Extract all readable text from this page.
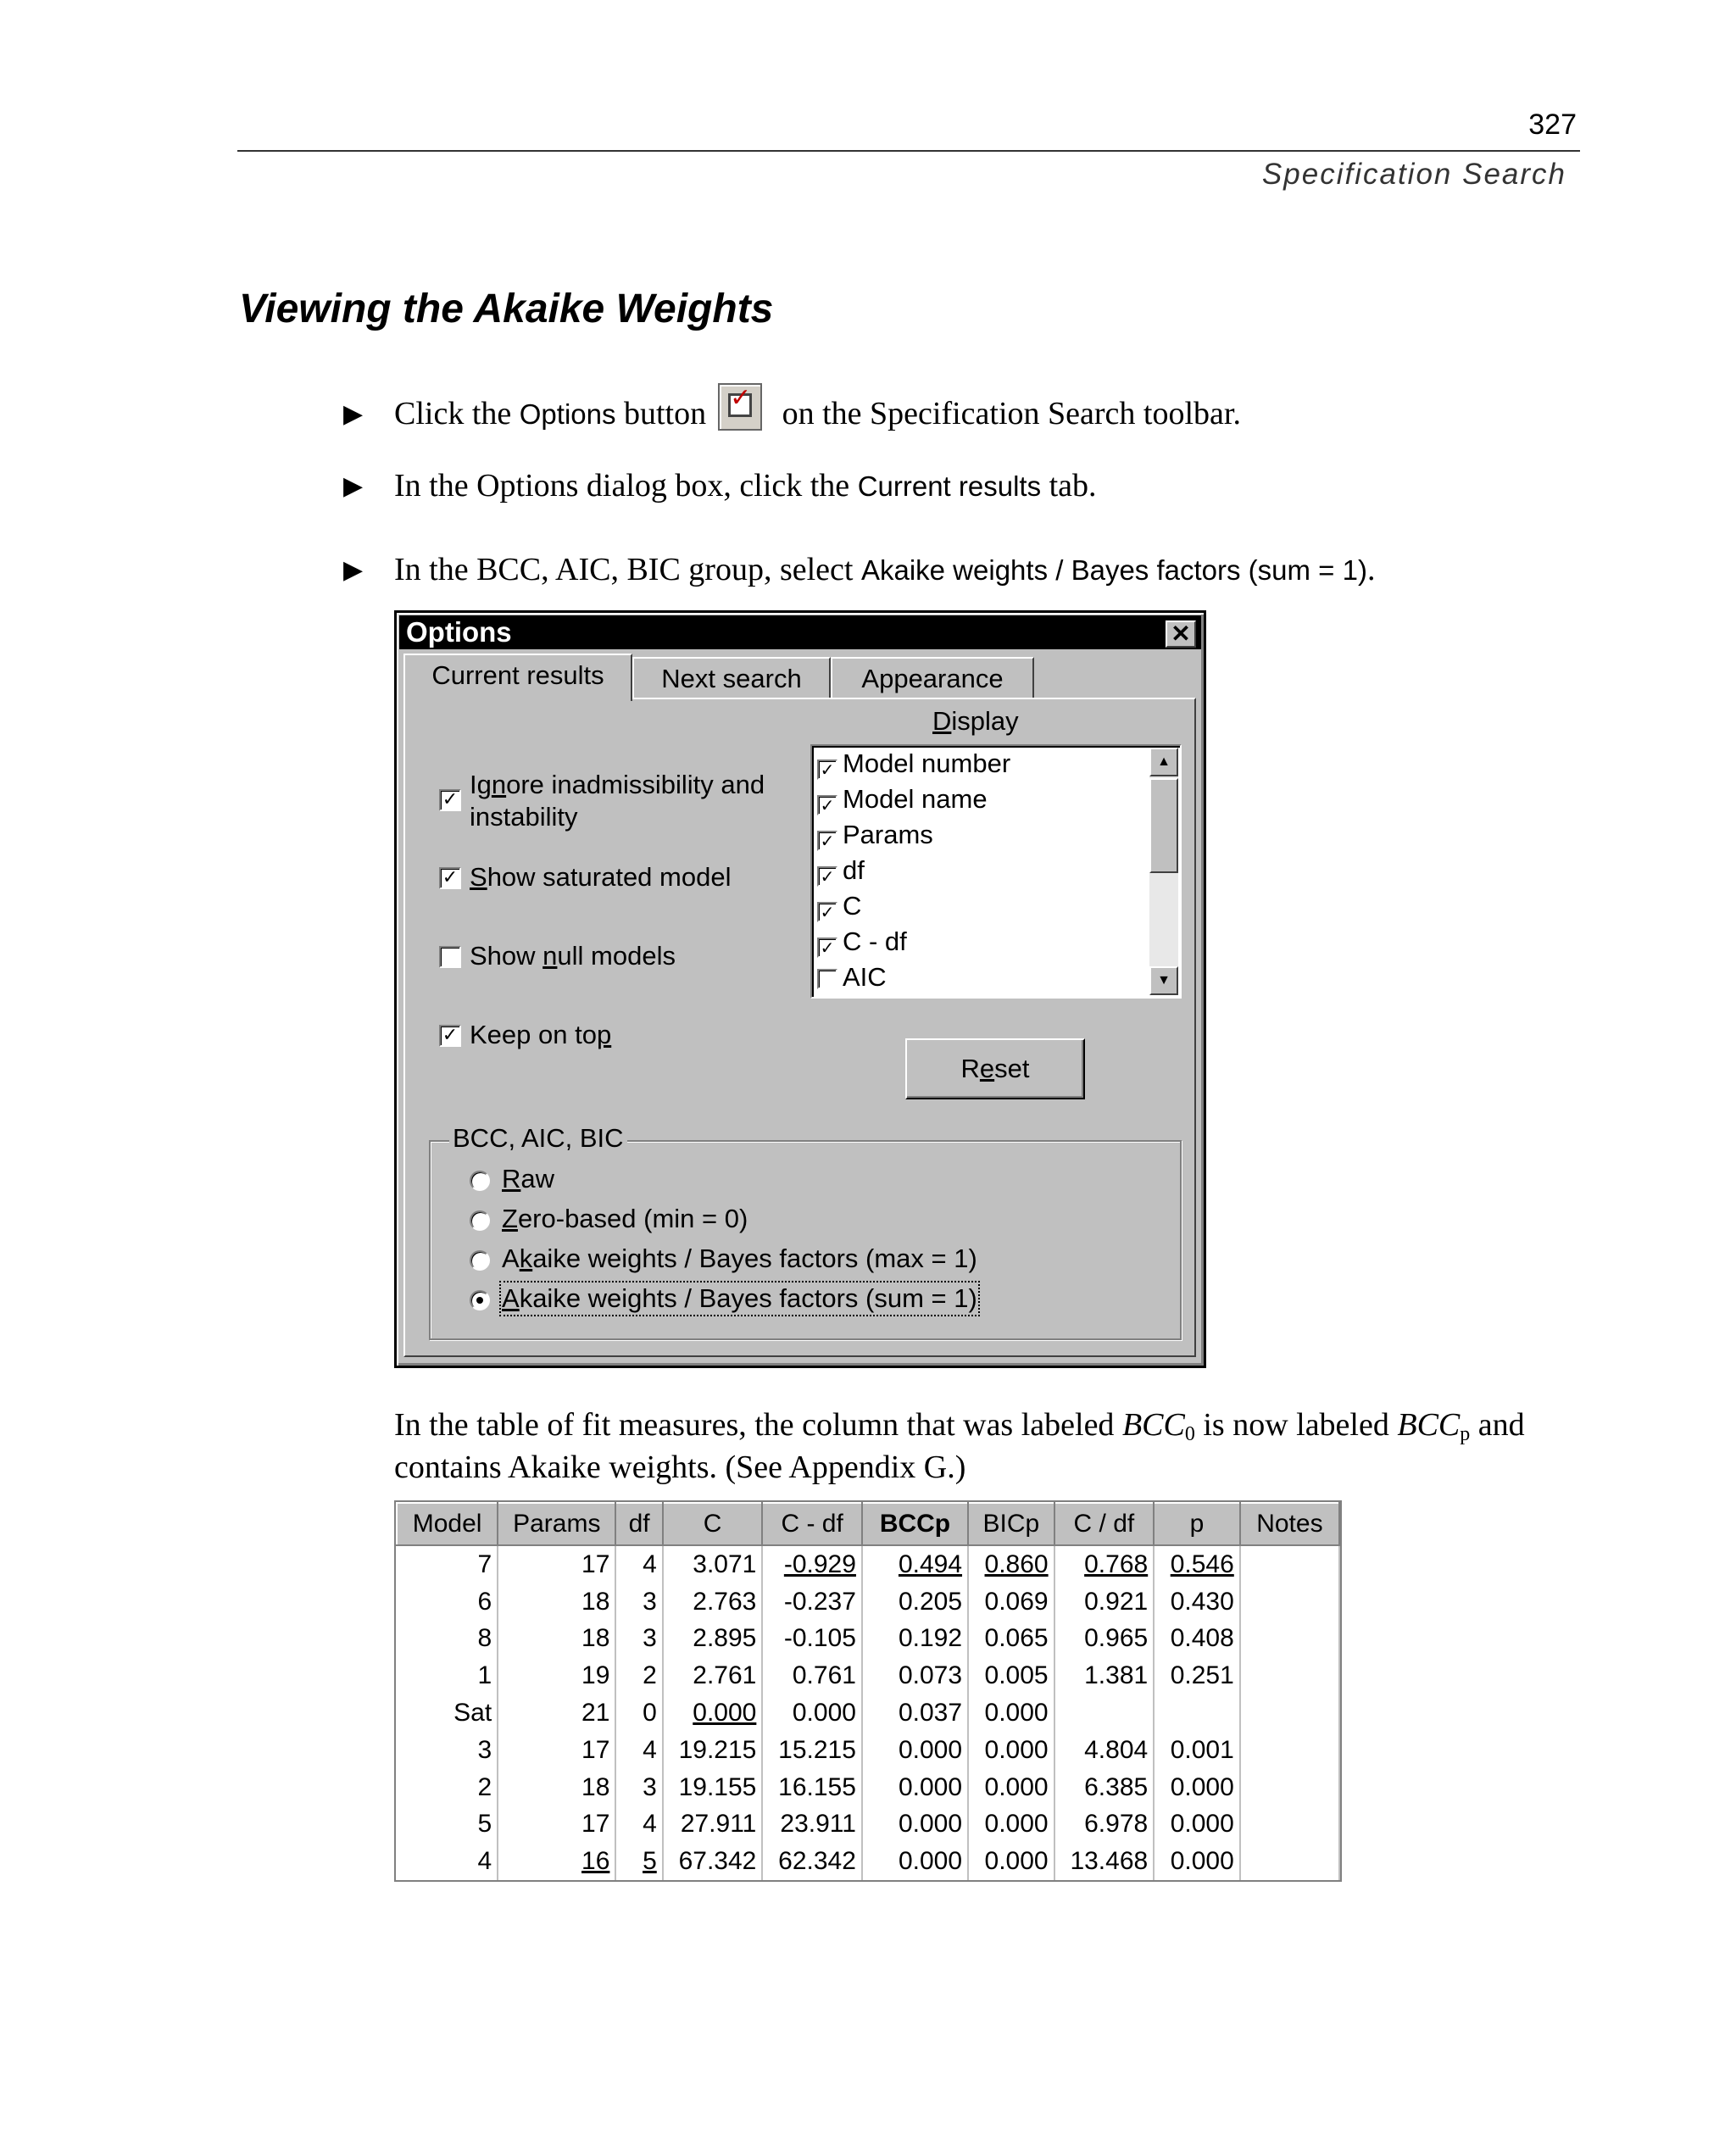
327
Specification Search
Viewing the Akaike Weights
▶ Click the Options button ✓ on the Specification Search toolbar.
▶ In the Options dialog box, click the Current results tab.
▶ In the BCC, AIC, BIC group, select Akaike weights / Bayes factors (sum = 1).
Options	✕
Current results	Next search	Appearance
Display
✓
Ignore inadmissibility and
instability
✓ Show saturated model
Show null models
✓ Keep on top
✓ Model number
✓ Model name
✓ Params
✓ df
✓ C
✓ C - df
AIC
▲
▼
Reset
BCC, AIC, BIC
Raw
Zero-based (min = 0)
Akaike weights / Bayes factors (max = 1)
Akaike weights / Bayes factors (sum = 1)
In the table of fit measures, the column that was labeled $BCC_0$ is now labeled $BCC_p$ and contains Akaike weights. (See Appendix G.)
Model	Params	df	C	C - df	BCCp	BICp	C / df	p	Notes
7	17	4	3.071	-0.929	0.494	0.860	0.768	0.546	
6	18	3	2.763	-0.237	0.205	0.069	0.921	0.430	
8	18	3	2.895	-0.105	0.192	0.065	0.965	0.408	
1	19	2	2.761	0.761	0.073	0.005	1.381	0.251	
Sat	21	0	0.000	0.000	0.037	0.000			
3	17	4	19.215	15.215	0.000	0.000	4.804	0.001	
2	18	3	19.155	16.155	0.000	0.000	6.385	0.000	
5	17	4	27.911	23.911	0.000	0.000	6.978	0.000	
4	16	5	67.342	62.342	0.000	0.000	13.468	0.000	
